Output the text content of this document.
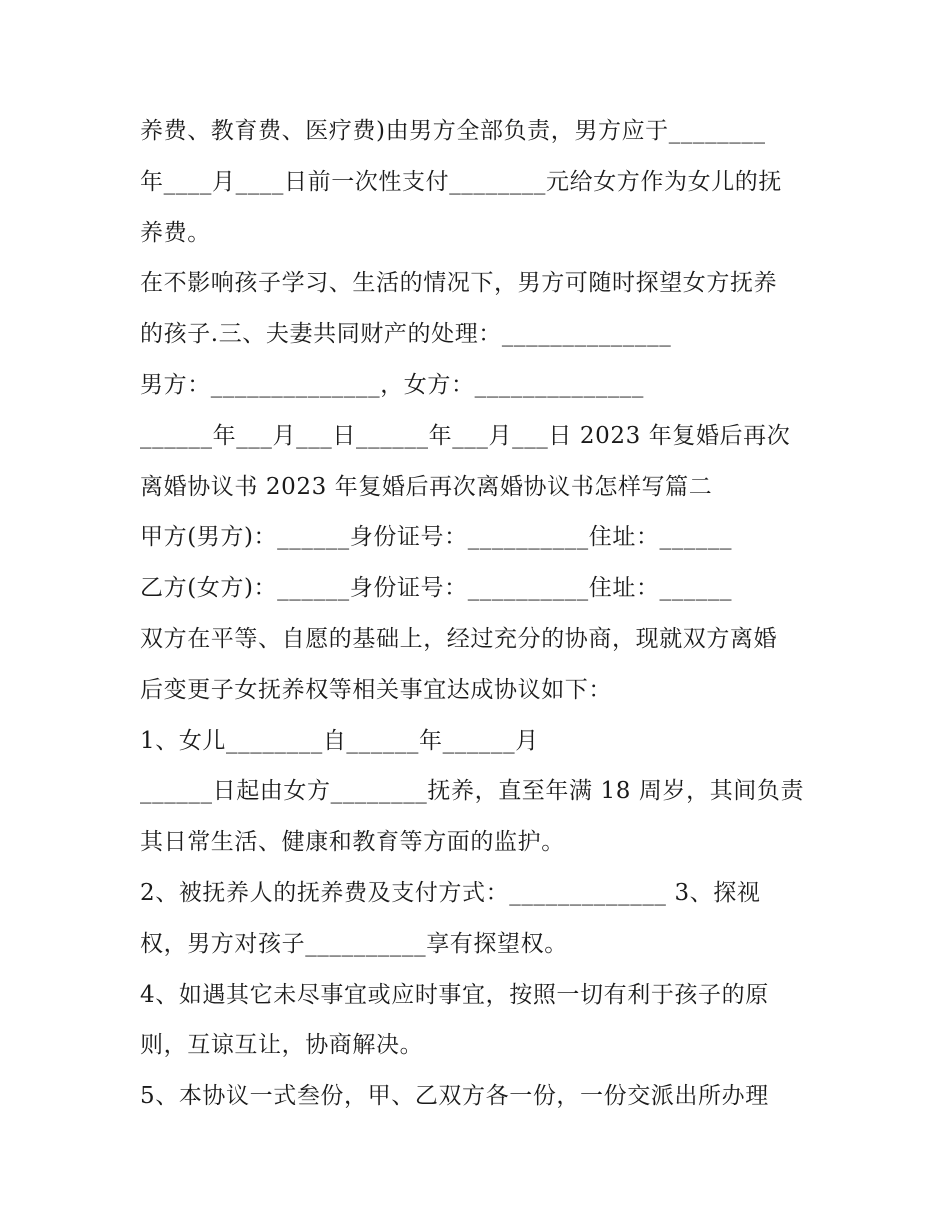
养费、教育费、医疗费)由男方全部负责，男方应于________
年____月____日前一次性支付________元给女方作为女儿的抚
养费。
在不影响孩子学习、生活的情况下，男方可随时探望女方抚养
的孩子.三、夫妻共同财产的处理：______________
男方：______________，女方：______________
______年___月___日______年___月___日 2023 年复婚后再次
离婚协议书 2023 年复婚后再次离婚协议书怎样写篇二
甲方(男方)：______身份证号：__________住址：______
乙方(女方)：______身份证号：__________住址：______
双方在平等、自愿的基础上，经过充分的协商，现就双方离婚
后变更子女抚养权等相关事宜达成协议如下：
1、女儿________自______年______月
______日起由女方________抚养，直至年满 18 周岁，其间负责
其日常生活、健康和教育等方面的监护。
2、被抚养人的抚养费及支付方式：_____________ 3、探视
权，男方对孩子__________享有探望权。
4、如遇其它未尽事宜或应时事宜，按照一切有利于孩子的原
则，互谅互让，协商解决。
5、本协议一式叁份，甲、乙双方各一份，一份交派出所办理
